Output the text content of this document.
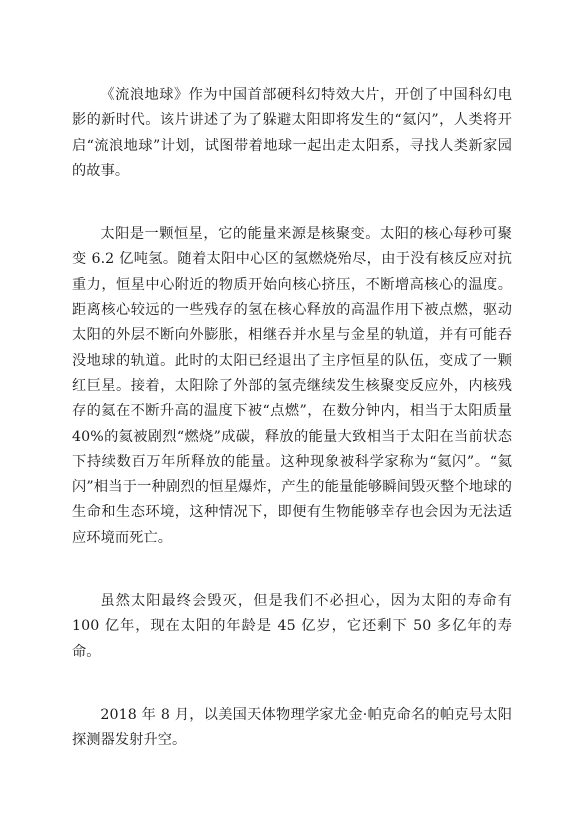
《流浪地球》作为中国首部硬科幻特效大片，开创了中国科幻电影的新时代。该片讲述了为了躲避太阳即将发生的“氦闪”，人类将开启“流浪地球”计划，试图带着地球一起出走太阳系，寻找人类新家园的故事。

太阳是一颗恒星，它的能量来源是核聚变。太阳的核心每秒可聚变 6.2 亿吨氢。随着太阳中心区的氢燃烧殆尽，由于没有核反应对抗重力，恒星中心附近的物质开始向核心挤压，不断增高核心的温度。距离核心较远的一些残存的氢在核心释放的高温作用下被点燃，驱动太阳的外层不断向外膨胀，相继吞并水星与金星的轨道，并有可能吞没地球的轨道。此时的太阳已经退出了主序恒星的队伍，变成了一颗红巨星。接着，太阳除了外部的氢壳继续发生核聚变反应外，内核残存的氦在不断升高的温度下被“点燃”，在数分钟内，相当于太阳质量 40%的氦被剧烈“燃烧”成碳，释放的能量大致相当于太阳在当前状态下持续数百万年所释放的能量。这种现象被科学家称为“氦闪”。“氦闪”相当于一种剧烈的恒星爆炸，产生的能量能够瞬间毁灭整个地球的生命和生态环境，这种情况下，即便有生物能够幸存也会因为无法适应环境而死亡。

虽然太阳最终会毁灭，但是我们不必担心，因为太阳的寿命有 100 亿年，现在太阳的年龄是 45 亿岁，它还剩下 50 多亿年的寿命。

2018 年 8 月，以美国天体物理学家尤金·帕克命名的帕克号太阳探测器发射升空。
